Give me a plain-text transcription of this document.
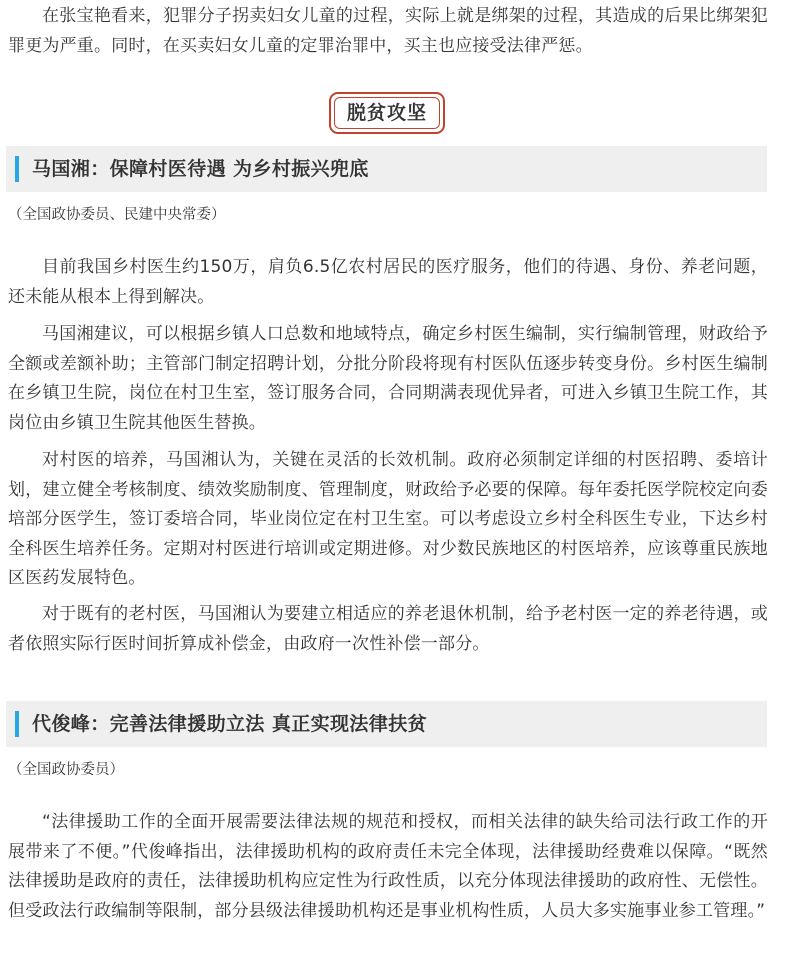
在张宝艳看来，犯罪分子拐卖妇女儿童的过程，实际上就是绑架的过程，其造成的后果比绑架犯罪更为严重。同时，在买卖妇女儿童的定罪治罪中，买主也应接受法律严惩。

脱贫攻坚
马国湘：保障村医待遇 为乡村振兴兜底
（全国政协委员、民建中央常委）

目前我国乡村医生约150万，肩负6.5亿农村居民的医疗服务，他们的待遇、身份、养老问题，还未能从根本上得到解决。

马国湘建议，可以根据乡镇人口总数和地域特点，确定乡村医生编制，实行编制管理，财政给予全额或差额补助；主管部门制定招聘计划，分批分阶段将现有村医队伍逐步转变身份。乡村医生编制在乡镇卫生院，岗位在村卫生室，签订服务合同，合同期满表现优异者，可进入乡镇卫生院工作，其岗位由乡镇卫生院其他医生替换。

对村医的培养，马国湘认为，关键在灵活的长效机制。政府必须制定详细的村医招聘、委培计划，建立健全考核制度、绩效奖励制度、管理制度，财政给予必要的保障。每年委托医学院校定向委培部分医学生，签订委培合同，毕业岗位定在村卫生室。可以考虑设立乡村全科医生专业，下达乡村全科医生培养任务。定期对村医进行培训或定期进修。对少数民族地区的村医培养，应该尊重民族地区医药发展特色。

对于既有的老村医，马国湘认为要建立相适应的养老退休机制，给予老村医一定的养老待遇，或者依照实际行医时间折算成补偿金，由政府一次性补偿一部分。

代俊峰：完善法律援助立法 真正实现法律扶贫
（全国政协委员）

“法律援助工作的全面开展需要法律法规的规范和授权，而相关法律的缺失给司法行政工作的开展带来了不便。”代俊峰指出，法律援助机构的政府责任未完全体现，法律援助经费难以保障。“既然法律援助是政府的责任，法律援助机构应定性为行政性质，以充分体现法律援助的政府性、无偿性。但受政法行政编制等限制，部分县级法律援助机构还是事业机构性质，人员大多实施事业参工管理。”
